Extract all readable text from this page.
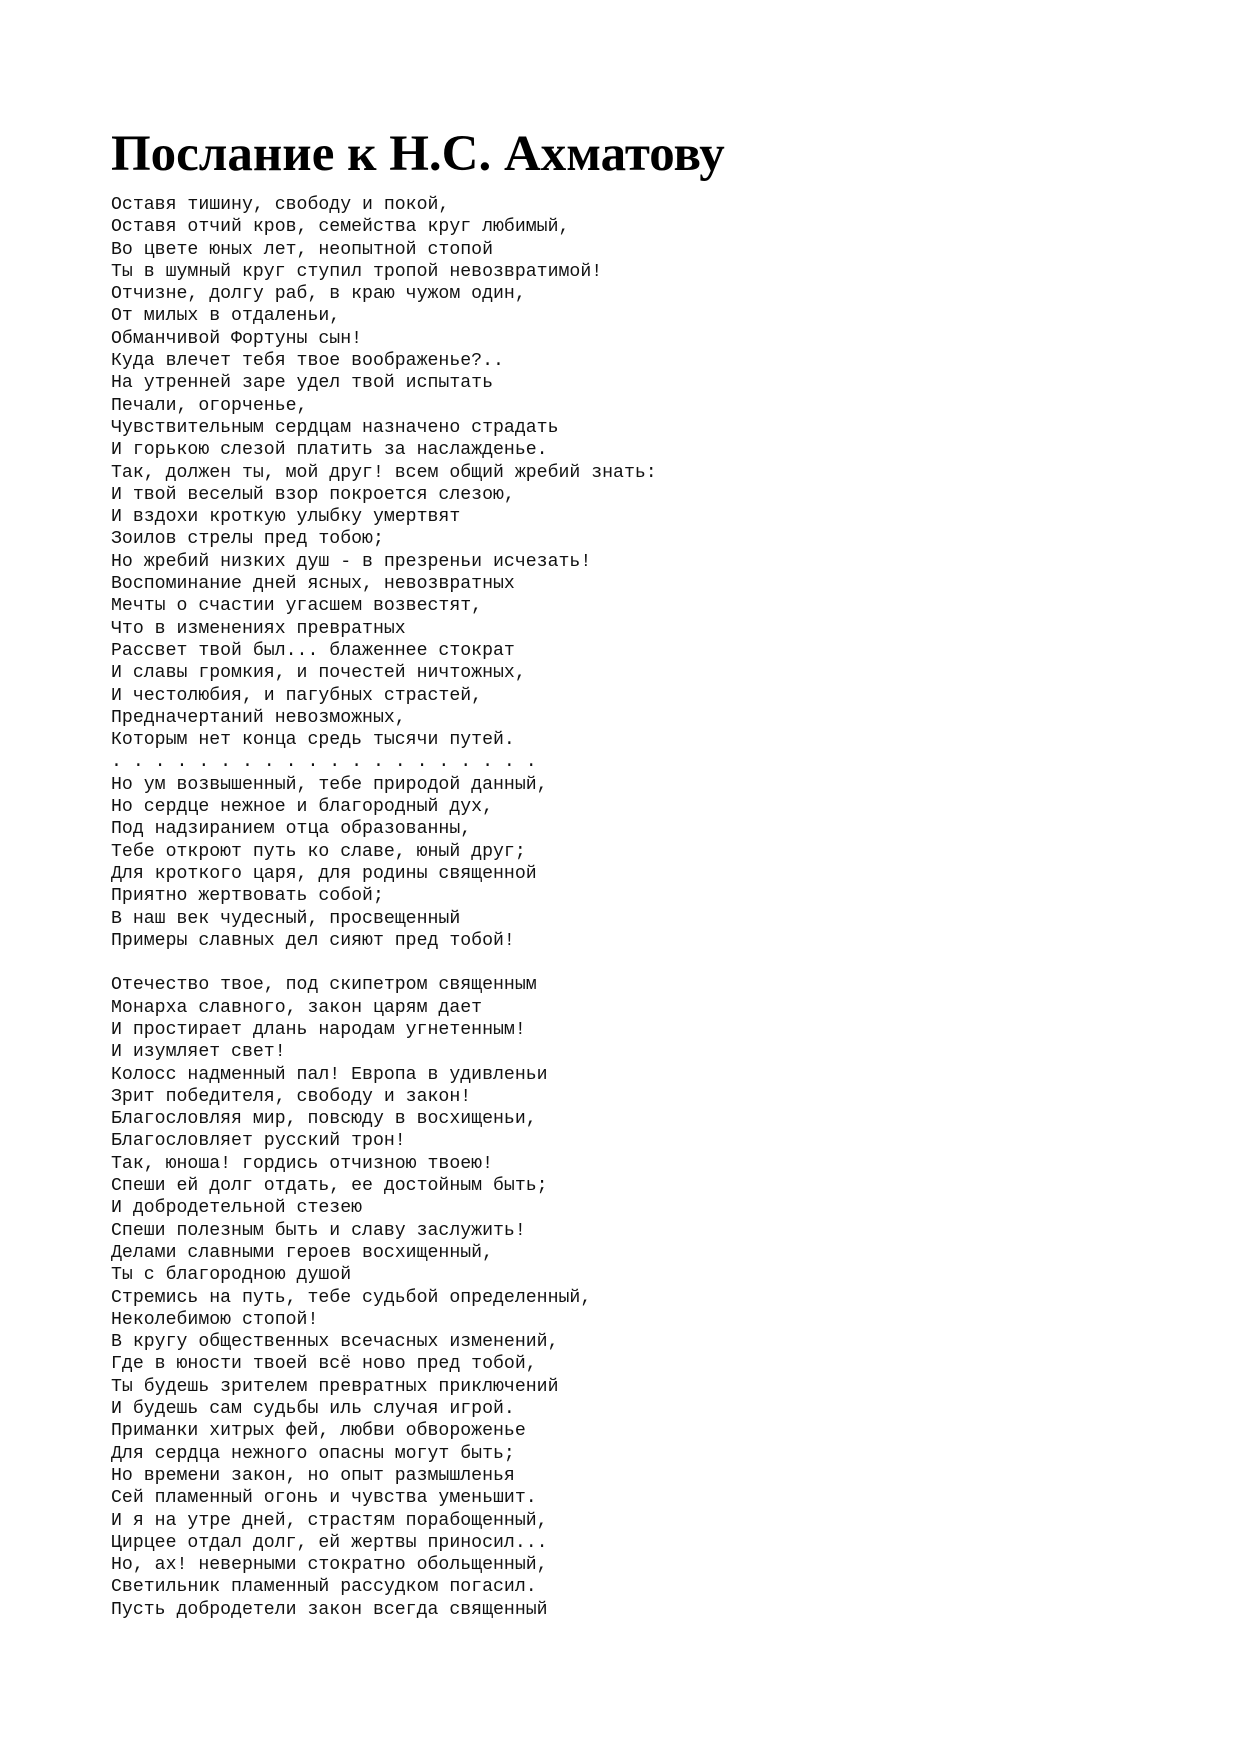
Послание к Н.С. Ахматову
Оставя тишину, свободу и покой,
Оставя отчий кров, семейства круг любимый,
Во цвете юных лет, неопытной стопой
Ты в шумный круг ступил тропой невозвратимой!
Отчизне, долгу раб, в краю чужом один,
От милых в отдаленьи,
Обманчивой Фортуны сын!
Куда влечет тебя твое воображенье?..
На утренней заре удел твой испытать
Печали, огорченье,
Чувствительным сердцам назначено страдать
И горькою слезой платить за наслажденье.
Так, должен ты, мой друг! всем общий жребий знать:
И твой веселый взор покроется слезою,
И вздохи кроткую улыбку умертвят
Зоилов стрелы пред тобою;
Но жребий низких душ - в презреньи исчезать!
Воспоминание дней ясных, невозвратных
Мечты о счастии угасшем возвестят,
Что в изменениях превратных
Рассвет твой был... блаженнее стократ
И славы громкия, и почестей ничтожных,
И честолюбия, и пагубных страстей,
Предначертаний невозможных,
Которым нет конца средь тысячи путей.
. . . . . . . . . . . . . . . . . . . .
Но ум возвышенный, тебе природой данный,
Но сердце нежное и благородный дух,
Под надзиранием отца образованны,
Тебе откроют путь ко славе, юный друг;
Для кроткого царя, для родины священной
Приятно жертвовать собой;
В наш век чудесный, просвещенный
Примеры славных дел сияют пред тобой!
Отечество твое, под скипетром священным
Монарха славного, закон царям дает
И простирает длань народам угнетенным!
И изумляет свет!
Колосс надменный пал! Европа в удивленьи
Зрит победителя, свободу и закон!
Благословляя мир, повсюду в восхищеньи,
Благословляет русский трон!
Так, юноша! гордись отчизною твоею!
Спеши ей долг отдать, ее достойным быть;
И добродетельной стезею
Спеши полезным быть и славу заслужить!
Делами славными героев восхищенный,
Ты с благородною душой
Стремись на путь, тебе судьбой определенный,
Неколебимою стопой!
В кругу общественных всечасных изменений,
Где в юности твоей всё ново пред тобой,
Ты будешь зрителем превратных приключений
И будешь сам судьбы иль случая игрой.
Приманки хитрых фей, любви обвороженье
Для сердца нежного опасны могут быть;
Но времени закон, но опыт размышленья
Сей пламенный огонь и чувства уменьшит.
И я на утре дней, страстям порабощенный,
Цирцее отдал долг, ей жертвы приносил...
Но, ах! неверными стократно обольщенный,
Светильник пламенный рассудком погасил.
Пусть добродетели закон всегда священный
